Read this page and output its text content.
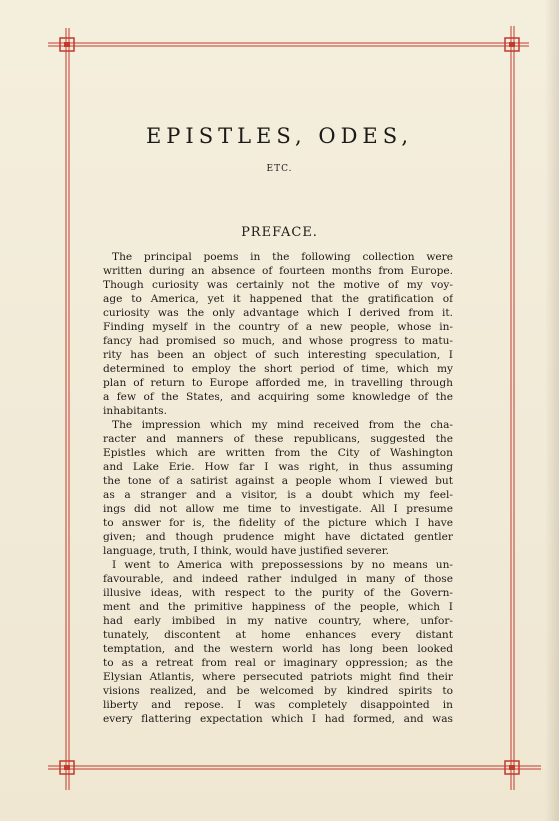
EPISTLES, ODES,
ETC.
PREFACE.
The principal poems in the following collection were
written during an absence of fourteen months from Europe.
Though curiosity was certainly not the motive of my voy-
age to America, yet it happened that the gratification of
curiosity was the only advantage which I derived from it.
Finding myself in the country of a new people, whose in-
fancy had promised so much, and whose progress to matu-
rity has been an object of such interesting speculation, I
determined to employ the short period of time, which my
plan of return to Europe afforded me, in travelling through
a few of the States, and acquiring some knowledge of the
inhabitants.
The impression which my mind received from the cha-
racter and manners of these republicans, suggested the
Epistles which are written from the City of Washington
and Lake Erie. How far I was right, in thus assuming
the tone of a satirist against a people whom I viewed but
as a stranger and a visitor, is a doubt which my feel-
ings did not allow me time to investigate. All I presume
to answer for is, the fidelity of the picture which I have
given; and though prudence might have dictated gentler
language, truth, I think, would have justified severer.
I went to America with prepossessions by no means un-
favourable, and indeed rather indulged in many of those
illusive ideas, with respect to the purity of the Govern-
ment and the primitive happiness of the people, which I
had early imbibed in my native country, where, unfor-
tunately, discontent at home enhances every distant
temptation, and the western world has long been looked
to as a retreat from real or imaginary oppression; as the
Elysian Atlantis, where persecuted patriots might find their
visions realized, and be welcomed by kindred spirits to
liberty and repose. I was completely disappointed in
every flattering expectation which I had formed, and was
